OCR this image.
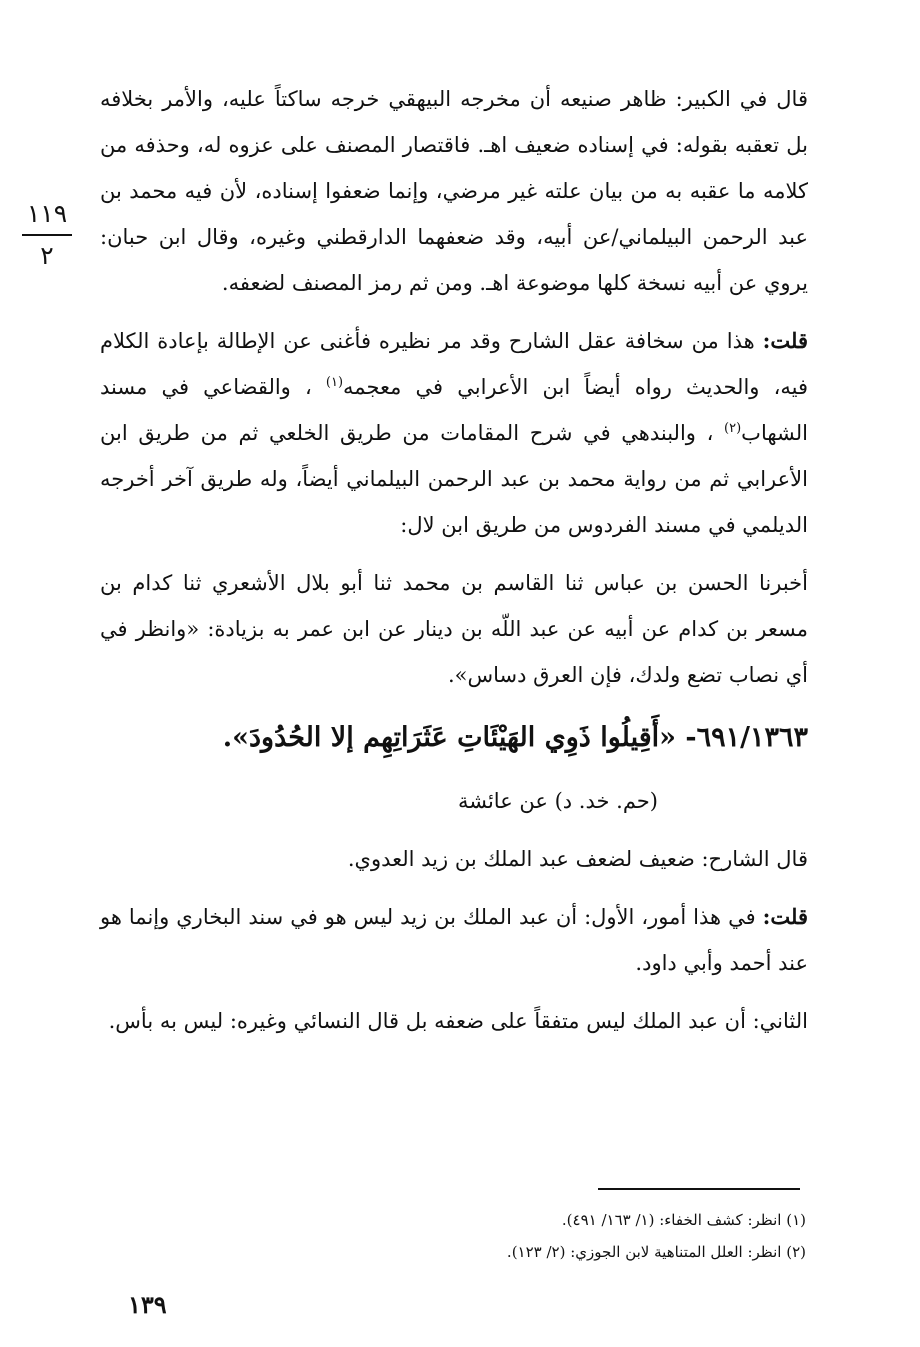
١١٩
٢

قال في الكبير: ظاهر صنيعه أن مخرجه البيهقي خرجه ساكتاً عليه، والأمر بخلافه بل تعقبه بقوله: في إسناده ضعيف اهـ. فاقتصار المصنف على عزوه له، وحذفه من كلامه ما عقبه به من بيان علته غير مرضي، وإنما ضعفوا إسناده، لأن فيه محمد بن عبد الرحمن البيلماني/عن أبيه، وقد ضعفهما الدارقطني وغيره، وقال ابن حبان: يروي عن أبيه نسخة كلها موضوعة اهـ. ومن ثم رمز المصنف لضعفه.

قلت: هذا من سخافة عقل الشارح وقد مر نظيره فأغنى عن الإطالة بإعادة الكلام فيه، والحديث رواه أيضاً ابن الأعرابي في معجمه$^{(١)}$ ، والقضاعي في مسند الشهاب$^{(٢)}$ ، والبندهي في شرح المقامات من طريق الخلعي ثم من طريق ابن الأعرابي ثم من رواية محمد بن عبد الرحمن البيلماني أيضاً، وله طريق آخر أخرجه الديلمي في مسند الفردوس من طريق ابن لال:

أخبرنا الحسن بن عباس ثنا القاسم بن محمد ثنا أبو بلال الأشعري ثنا كدام بن مسعر بن كدام عن أبيه عن عبد اللّه بن دينار عن ابن عمر به بزيادة: «وانظر في أي نصاب تضع ولدك، فإن العرق دساس».

٦٩١/١٣٦٣- «أَقِيلُوا ذَوِي الهَيْئَاتِ عَثَرَاتِهِم إلا الحُدُودَ».

(حم. خد. د) عن عائشة

قال الشارح: ضعيف لضعف عبد الملك بن زيد العدوي.

قلت: في هذا أمور، الأول: أن عبد الملك بن زيد ليس هو في سند البخاري وإنما هو عند أحمد وأبي داود.

الثاني: أن عبد الملك ليس متفقاً على ضعفه بل قال النسائي وغيره: ليس به بأس.

(١) انظر: كشف الخفاء: (١/ ١٦٣/ ٤٩١).
(٢) انظر: العلل المتناهية لابن الجوزي: (٢/ ١٢٣).
١٣٩
